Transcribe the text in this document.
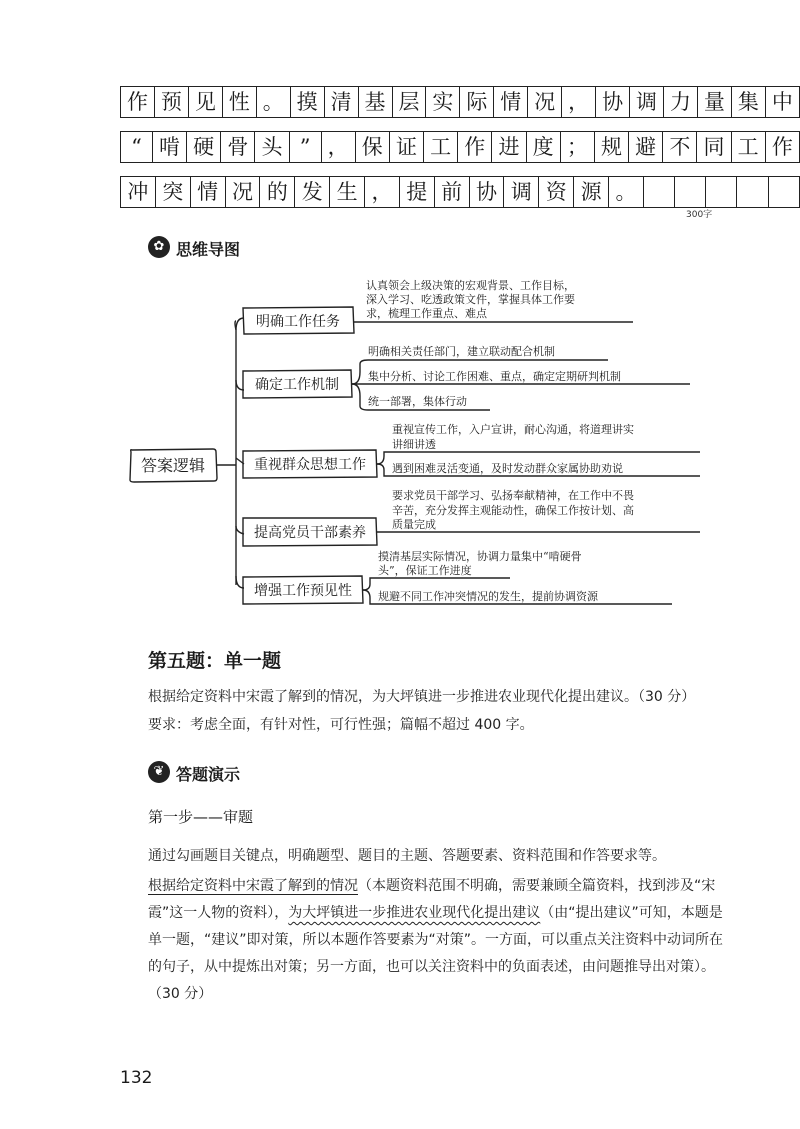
作	预	见	性	。	摸	清	基	层	实	际	情	况	，	协	调	力	量	集	中
“	啃	硬	骨	头	”	，	保	证	工	作	进	度	；	规	避	不	同	工	作
冲	突	情	况	的	发	生	，	提	前	协	调	资	源	。					
300字
✿ 思维导图
答案逻辑
明确工作任务
确定工作机制
重视群众思想工作
提高党员干部素养
增强工作预见性
认真领会上级决策的宏观背景、工作目标，
深入学习、吃透政策文件，掌握具体工作要
求，梳理工作重点、难点
明确相关责任部门，建立联动配合机制
集中分析、讨论工作困难、重点，确定定期研判机制
统一部署，集体行动
重视宣传工作，入户宣讲，耐心沟通，将道理讲实
讲细讲透
遇到困难灵活变通，及时发动群众家属协助劝说
要求党员干部学习、弘扬奉献精神，在工作中不畏
辛苦，充分发挥主观能动性，确保工作按计划、高
质量完成
摸清基层实际情况，协调力量集中“啃硬骨
头”，保证工作进度
规避不同工作冲突情况的发生，提前协调资源
第五题：单一题

根据给定资料中宋霞了解到的情况，为大坪镇进一步推进农业现代化提出建议。（30 分）

要求：考虑全面，有针对性，可行性强；篇幅不超过 400 字。

❦ 答题演示
第一步——审题

通过勾画题目关键点，明确题型、题目的主题、答题要素、资料范围和作答要求等。

根据给定资料中宋霞了解到的情况（本题资料范围不明确，需要兼顾全篇资料，找到涉及“宋霞”这一人物的资料），为大坪镇进一步推进农业现代化提出建议（由“提出建议”可知，本题是单一题，“建议”即对策，所以本题作答要素为“对策”。一方面，可以重点关注资料中动词所在的句子，从中提炼出对策；另一方面，也可以关注资料中的负面表述，由问题推导出对策）。（30 分）

132
